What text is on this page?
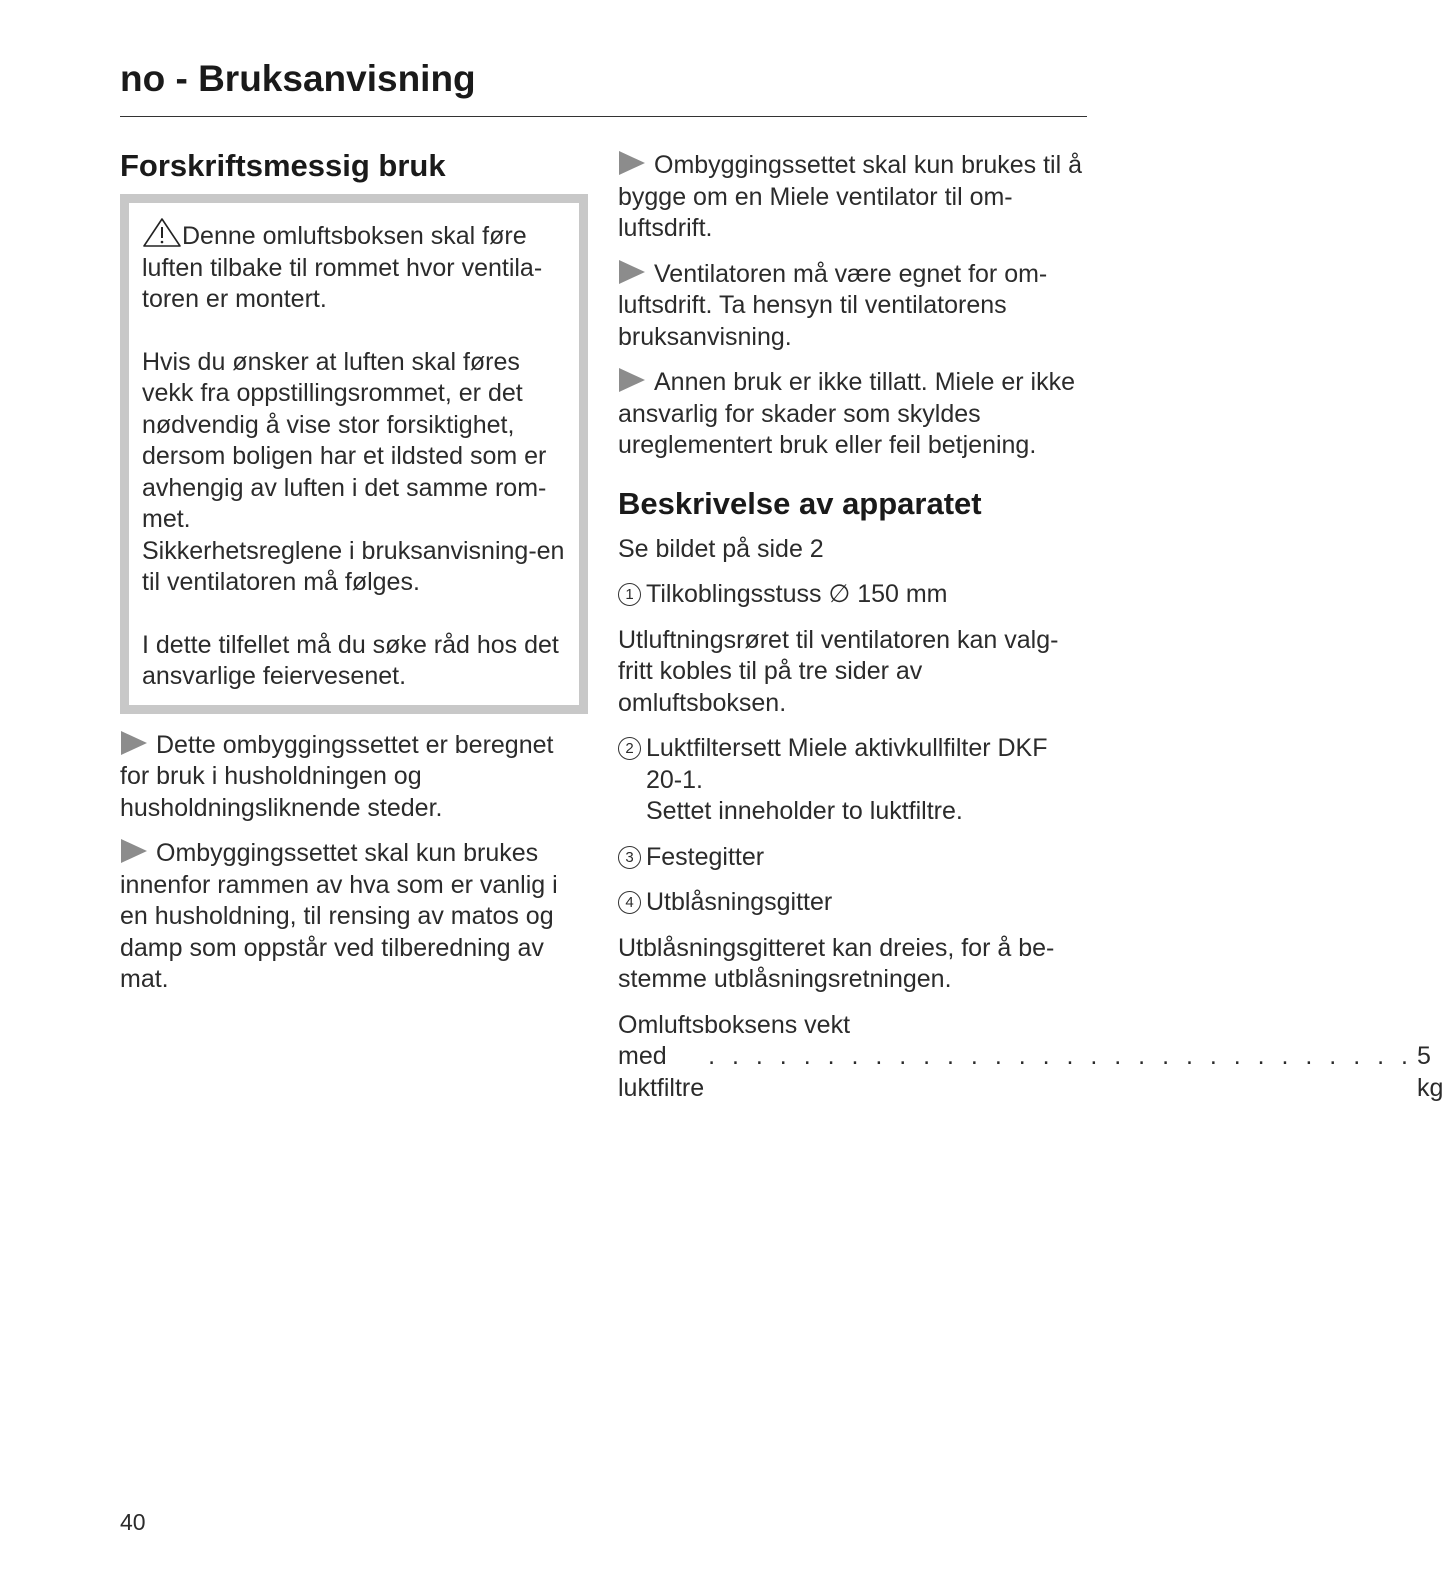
no - Bruksanvisning
Forskriftsmessig bruk

Denne omluftsboksen skal føre luften tilbake til rommet hvor ventila-toren er montert.

Hvis du ønsker at luften skal føres vekk fra oppstillingsrommet, er det nødvendig å vise stor forsiktighet, dersom boligen har et ildsted som er avhengig av luften i det samme rom-met.
Sikkerhetsreglene i bruksanvisning-en til ventilatoren må følges.

I dette tilfellet må du søke råd hos det ansvarlige feiervesenet.

Dette ombyggingssettet er beregnet for bruk i husholdningen og husholdningsliknende steder.

Ombyggingssettet skal kun brukes innenfor rammen av hva som er vanlig i en husholdning, til rensing av matos og damp som oppstår ved tilberedning av mat.

Ombyggingssettet skal kun brukes til å bygge om en Miele ventilator til om-luftsdrift.

Ventilatoren må være egnet for om-luftsdrift. Ta hensyn til ventilatorens bruksanvisning.

Annen bruk er ikke tillatt. Miele er ikke ansvarlig for skader som skyldes ureglementert bruk eller feil betjening.

Beskrivelse av apparatet

Se bildet på side 2

1 Tilkoblingsstuss ∅ 150 mm

Utluftningsrøret til ventilatoren kan valg-fritt kobles til på tre sider av omluftsboksen.

2 Luktfiltersett Miele aktivkullfilter DKF 20-1.

Settet inneholder to luktfiltre.

3 Festegitter

4 Utblåsningsgitter

Utblåsningsgitteret kan dreies, for å be-stemme utblåsningsretningen.

Omluftsboksens vekt

med luktfiltre
. . . . . . . . . . . . . . . . . . . . . . . . . . . . . . 5 kg

40
